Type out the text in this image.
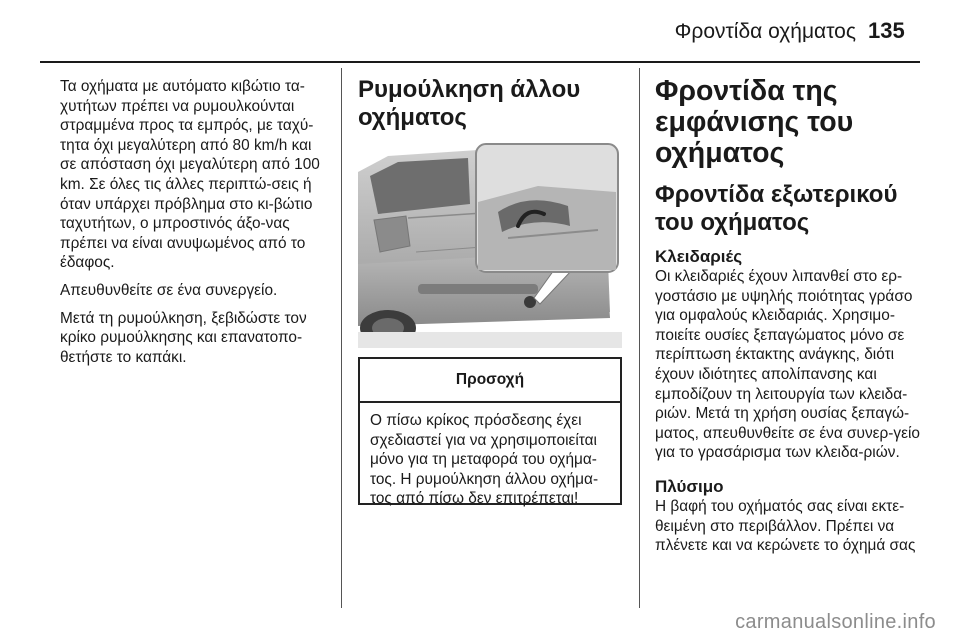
Φροντίδα οχήματος 135

Τα οχήματα με αυτόματο κιβώτιο τα-χυτήτων πρέπει να ρυμουλκούνται στραμμένα προς τα εμπρός, με ταχύ-τητα όχι μεγαλύτερη από 80 km/h και σε απόσταση όχι μεγαλύτερη από 100 km. Σε όλες τις άλλες περιπτώ-σεις ή όταν υπάρχει πρόβλημα στο κι-βώτιο ταχυτήτων, ο μπροστινός άξο-νας πρέπει να είναι ανυψωμένος από το έδαφος.

Απευθυνθείτε σε ένα συνεργείο.

Μετά τη ρυμούλκηση, ξεβιδώστε τον κρίκο ρυμούλκησης και επανατοπο-θετήστε το καπάκι.

Ρυμούλκηση άλλου οχήματος
Προσοχή

Ο πίσω κρίκος πρόσδεσης έχει σχεδιαστεί για να χρησιμοποιείται μόνο για τη μεταφορά του οχήμα-τος. Η ρυμούλκηση άλλου οχήμα-τος από πίσω δεν επιτρέπεται!

Φροντίδα της εμφάνισης του οχήματος
Φροντίδα εξωτερικού του οχήματος
Κλειδαριές

Οι κλειδαριές έχουν λιπανθεί στο ερ-γοστάσιο με υψηλής ποιότητας γράσο για ομφαλούς κλειδαριάς. Χρησιμο-ποιείτε ουσίες ξεπαγώματος μόνο σε περίπτωση έκτακτης ανάγκης, διότι έχουν ιδιότητες απολίπανσης και εμποδίζουν τη λειτουργία των κλειδα-ριών. Μετά τη χρήση ουσίας ξεπαγώ-ματος, απευθυνθείτε σε ένα συνερ-γείο για το γρασάρισμα των κλειδα-ριών.

Πλύσιμο

Η βαφή του οχήματός σας είναι εκτε-θειμένη στο περιβάλλον. Πρέπει να πλένετε και να κερώνετε το όχημά σας

carmanualsonline.info
